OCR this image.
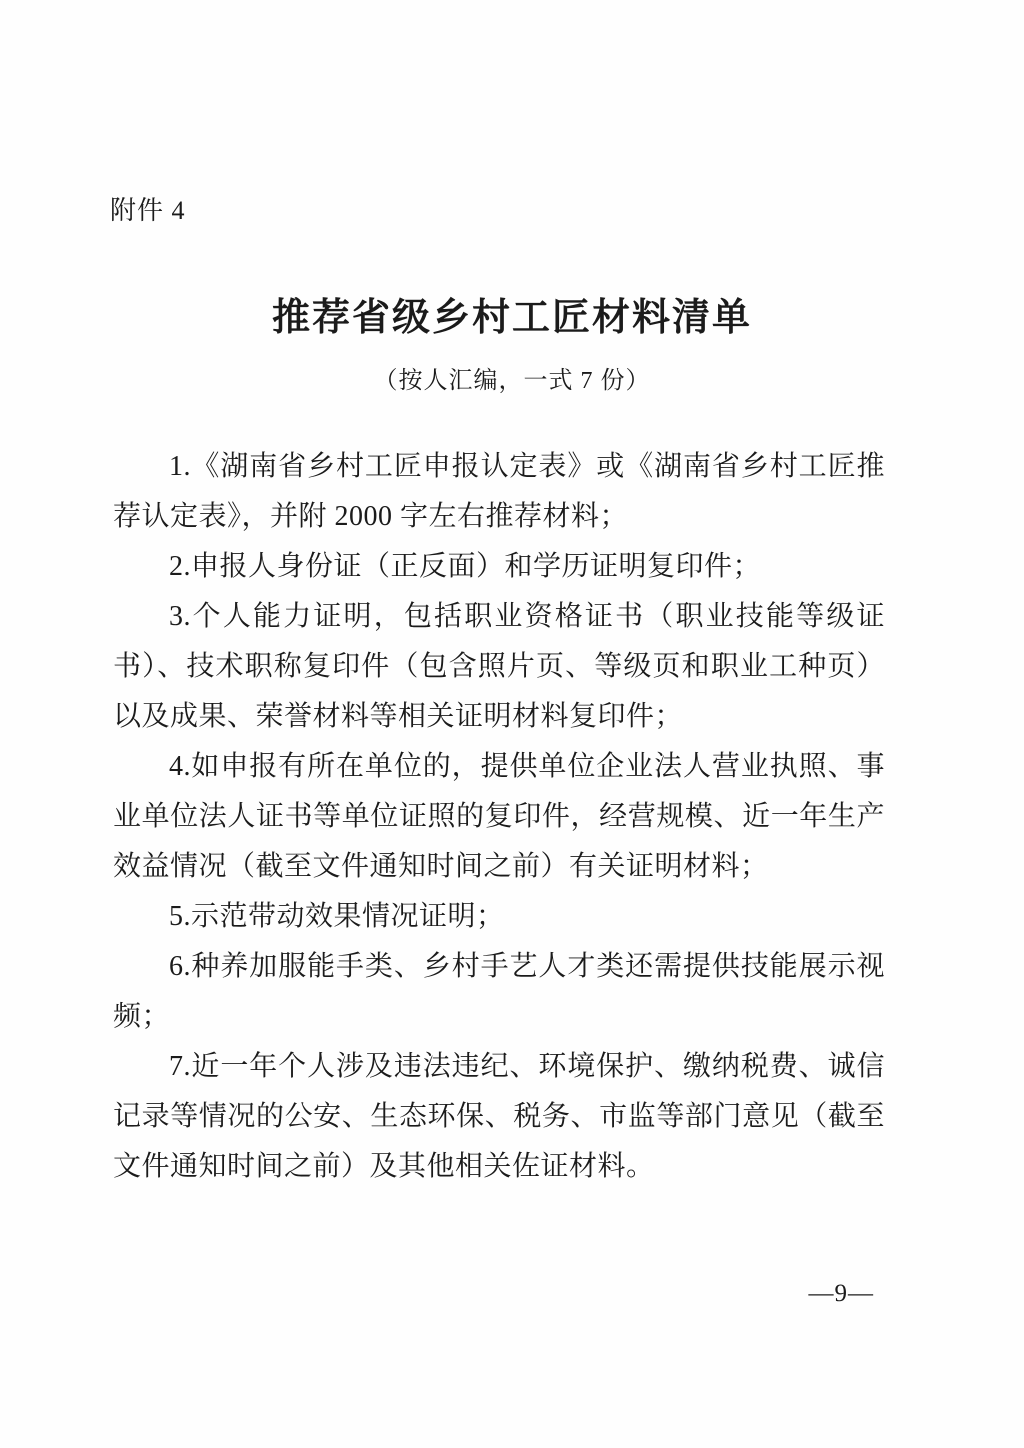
附件 4
推荐省级乡村工匠材料清单
（按人汇编，一式 7 份）

1.《湖南省乡村工匠申报认定表》或《湖南省乡村工匠推荐认定表》，并附 2000 字左右推荐材料；

2.申报人身份证（正反面）和学历证明复印件；

3.个人能力证明，包括职业资格证书（职业技能等级证书）、技术职称复印件（包含照片页、等级页和职业工种页）以及成果、荣誉材料等相关证明材料复印件；

4.如申报有所在单位的，提供单位企业法人营业执照、事业单位法人证书等单位证照的复印件，经营规模、近一年生产效益情况（截至文件通知时间之前）有关证明材料；

5.示范带动效果情况证明；

6.种养加服能手类、乡村手艺人才类还需提供技能展示视频；

7.近一年个人涉及违法违纪、环境保护、缴纳税费、诚信记录等情况的公安、生态环保、税务、市监等部门意见（截至文件通知时间之前）及其他相关佐证材料。

—9—
